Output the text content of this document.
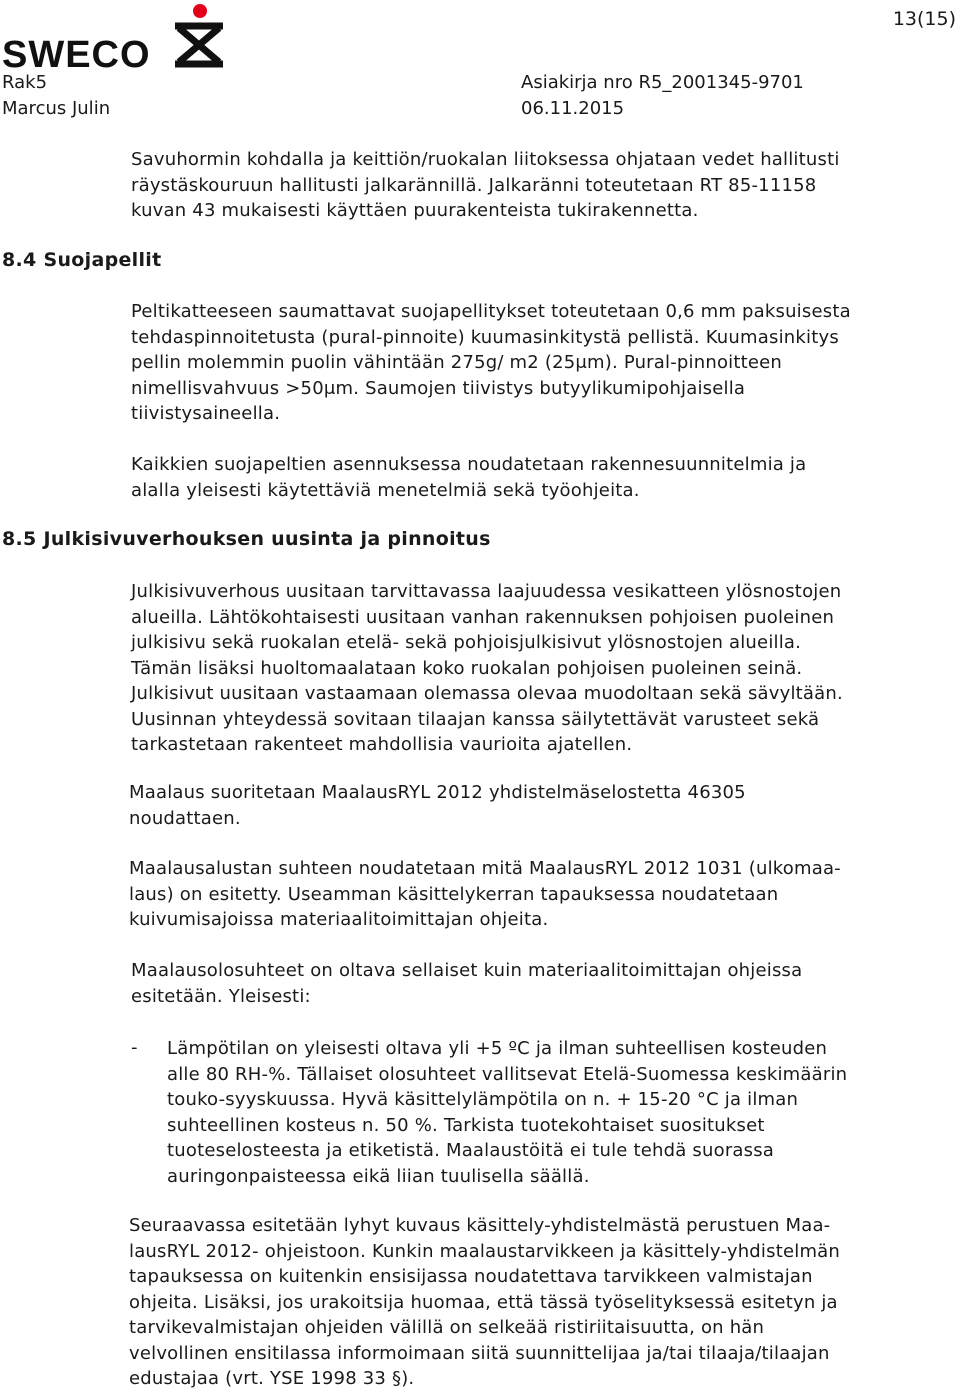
SWECO
13(15)
Rak5
Marcus Julin
Asiakirja nro R5_2001345-9701
06.11.2015
Savuhormin kohdalla ja keittiön/ruokalan liitoksessa ohjataan vedet hallitusti
räystäskouruun hallitusti jalkarännillä. Jalkaränni toteutetaan RT 85-11158
kuvan 43 mukaisesti käyttäen puurakenteista tukirakennetta.
8.4 Suojapellit
Peltikatteeseen saumattavat suojapellitykset toteutetaan 0,6 mm paksuisesta
tehdaspinnoitetusta (pural-pinnoite) kuumasinkitystä pellistä. Kuumasinkitys
pellin molemmin puolin vähintään 275g/ m2 (25μm). Pural-pinnoitteen
nimellisvahvuus >50μm. Saumojen tiivistys butyylikumipohjaisella
tiivistysaineella.
Kaikkien suojapeltien asennuksessa noudatetaan rakennesuunnitelmia ja
alalla yleisesti käytettäviä menetelmiä sekä työohjeita.
8.5 Julkisivuverhouksen uusinta ja pinnoitus
Julkisivuverhous uusitaan tarvittavassa laajuudessa vesikatteen ylösnostojen
alueilla. Lähtökohtaisesti uusitaan vanhan rakennuksen pohjoisen puoleinen
julkisivu sekä ruokalan etelä- sekä pohjoisjulkisivut ylösnostojen alueilla.
Tämän lisäksi huoltomaalataan koko ruokalan pohjoisen puoleinen seinä.
Julkisivut uusitaan vastaamaan olemassa olevaa muodoltaan sekä sävyltään.
Uusinnan yhteydessä sovitaan tilaajan kanssa säilytettävät varusteet sekä
tarkastetaan rakenteet mahdollisia vaurioita ajatellen.
Maalaus suoritetaan MaalausRYL 2012 yhdistelmäselostetta 46305
noudattaen.
Maalausalustan suhteen noudatetaan mitä MaalausRYL 2012 1031 (ulkomaa-
laus) on esitetty. Useamman käsittelykerran tapauksessa noudatetaan
kuivumisajoissa materiaalitoimittajan ohjeita.
Maalausolosuhteet on oltava sellaiset kuin materiaalitoimittajan ohjeissa
esitetään. Yleisesti:
- Lämpötilan on yleisesti oltava yli +5 ºC ja ilman suhteellisen kosteuden
alle 80 RH-%. Tällaiset olosuhteet vallitsevat Etelä-Suomessa keskimäärin
touko-syyskuussa. Hyvä käsittelylämpötila on n. + 15-20 °C ja ilman
suhteellinen kosteus n. 50 %. Tarkista tuotekohtaiset suositukset
tuoteselosteesta ja etiketistä. Maalaustöitä ei tule tehdä suorassa
auringonpaisteessa eikä liian tuulisella säällä.
Seuraavassa esitetään lyhyt kuvaus käsittely-yhdistelmästä perustuen Maa-
lausRYL 2012- ohjeistoon. Kunkin maalaustarvikkeen ja käsittely-yhdistelmän
tapauksessa on kuitenkin ensisijassa noudatettava tarvikkeen valmistajan
ohjeita. Lisäksi, jos urakoitsija huomaa, että tässä työselityksessä esitetyn ja
tarvikevalmistajan ohjeiden välillä on selkeää ristiriitaisuutta, on hän
velvollinen ensitilassa informoimaan siitä suunnittelijaa ja/tai tilaaja/tilaajan
edustajaa (vrt. YSE 1998 33 §).
